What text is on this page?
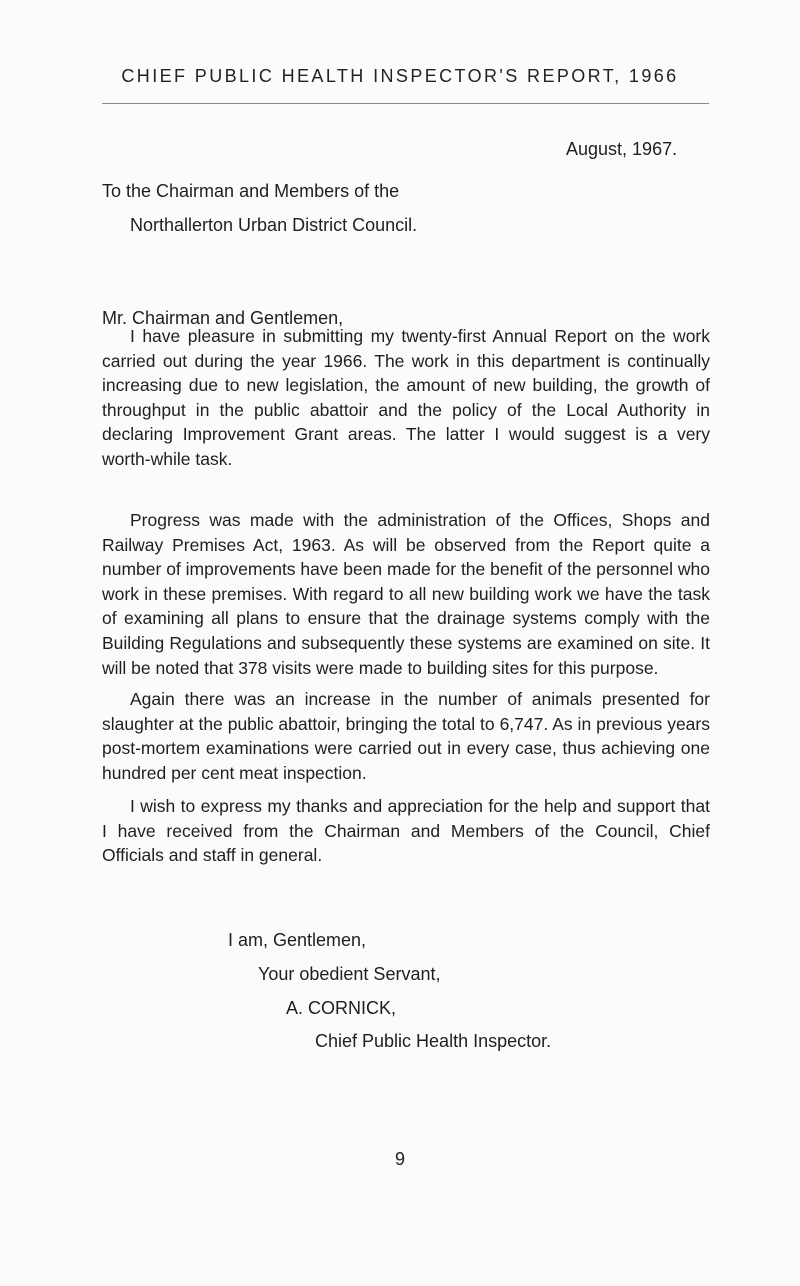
CHIEF PUBLIC HEALTH INSPECTOR'S REPORT, 1966
August, 1967.
To the Chairman and Members of the
Northallerton Urban District Council.
Mr. Chairman and Gentlemen,

I have pleasure in submitting my twenty-first Annual Report on the work carried out during the year 1966. The work in this department is continually increasing due to new legislation, the amount of new building, the growth of throughput in the public abattoir and the policy of the Local Authority in declaring Improvement Grant areas. The latter I would suggest is a very worth-while task.

Progress was made with the administration of the Offices, Shops and Railway Premises Act, 1963. As will be observed from the Report quite a number of improvements have been made for the benefit of the personnel who work in these premises. With regard to all new building work we have the task of examining all plans to ensure that the drainage systems comply with the Building Regulations and subsequently these systems are examined on site. It will be noted that 378 visits were made to building sites for this purpose.

Again there was an increase in the number of animals presented for slaughter at the public abattoir, bringing the total to 6,747. As in previous years post-mortem examinations were carried out in every case, thus achieving one hundred per cent meat inspection.

I wish to express my thanks and appreciation for the help and support that I have received from the Chairman and Members of the Council, Chief Officials and staff in general.

I am, Gentlemen,
Your obedient Servant,
A. CORNICK,
Chief Public Health Inspector.
9
